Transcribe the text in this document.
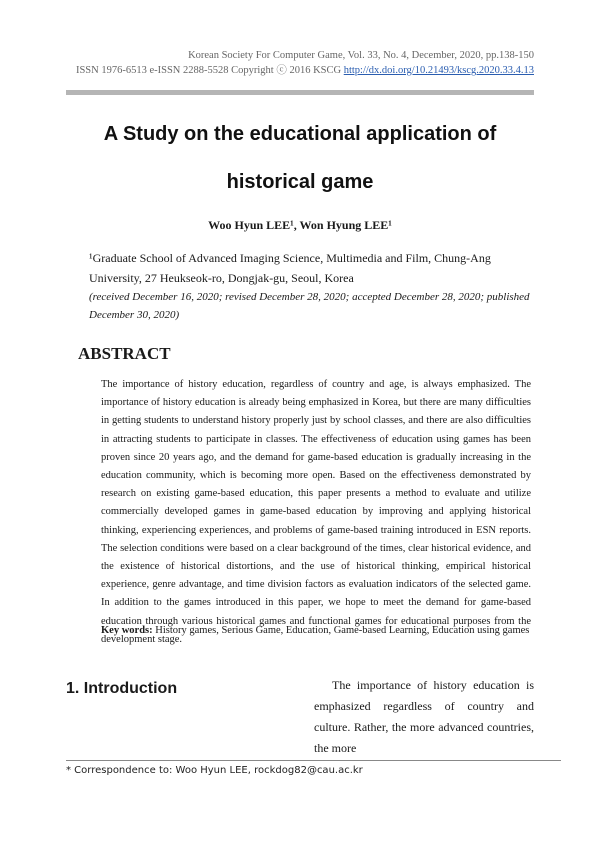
Korean Society For Computer Game, Vol. 33, No. 4, December, 2020, pp.138-150
ISSN 1976-6513 e-ISSN 2288-5528 Copyright ⓒ 2016 KSCG http://dx.doi.org/10.21493/kscg.2020.33.4.13
A Study on the educational application of historical game
Woo Hyun LEE¹, Won Hyung LEE¹
¹Graduate School of Advanced Imaging Science, Multimedia and Film, Chung-Ang University, 27 Heukseok-ro, Dongjak-gu, Seoul, Korea
(received December 16, 2020; revised December 28, 2020; accepted December 28, 2020; published December 30, 2020)
ABSTRACT
The importance of history education, regardless of country and age, is always emphasized. The importance of history education is already being emphasized in Korea, but there are many difficulties in getting students to understand history properly just by school classes, and there are also difficulties in attracting students to participate in classes. The effectiveness of education using games has been proven since 20 years ago, and the demand for game-based education is gradually increasing in the education community, which is becoming more open. Based on the effectiveness demonstrated by research on existing game-based education, this paper presents a method to evaluate and utilize commercially developed games in game-based education by improving and applying historical thinking, experiencing experiences, and problems of game-based training introduced in ESN reports. The selection conditions were based on a clear background of the times, clear historical evidence, and the existence of historical distortions, and the use of historical thinking, empirical historical experience, genre advantage, and time division factors as evaluation indicators of the selected game. In addition to the games introduced in this paper, we hope to meet the demand for game-based education through various historical games and functional games for educational purposes from the development stage.
Key words: History games, Serious Game, Education, Game-based Learning, Education using games
1. Introduction	The importance of history education is emphasized regardless of country and culture. Rather, the more advanced countries, the more
* Correspondence to: Woo Hyun LEE, rockdog82@cau.ac.kr
